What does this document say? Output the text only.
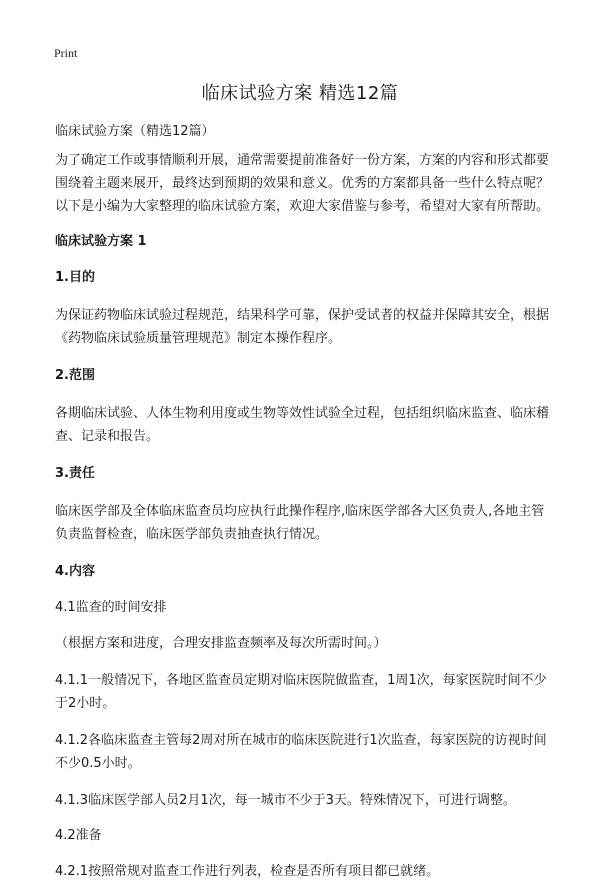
Print
临床试验方案 精选12篇

临床试验方案（精选12篇）

为了确定工作或事情顺利开展，通常需要提前准备好一份方案，方案的内容和形式都要围绕着主题来展开，最终达到预期的效果和意义。优秀的方案都具备一些什么特点呢？以下是小编为大家整理的临床试验方案，欢迎大家借鉴与参考，希望对大家有所帮助。

临床试验方案 1
1.目的

为保证药物临床试验过程规范，结果科学可靠，保护受试者的权益并保障其安全，根据《药物临床试验质量管理规范》制定本操作程序。

2.范围

各期临床试验、人体生物利用度或生物等效性试验全过程，包括组织临床监查、临床稽查、记录和报告。

3.责任

临床医学部及全体临床监查员均应执行此操作程序,临床医学部各大区负责人,各地主管负责监督检查，临床医学部负责抽查执行情况。

4.内容
4.1监查的时间安排

（根据方案和进度，合理安排监查频率及每次所需时间。）

4.1.1一般情况下，各地区监查员定期对临床医院做监查，1周1次，每家医院时间不少于2小时。

4.1.2各临床监查主管每2周对所在城市的临床医院进行1次监查，每家医院的访视时间不少0.5小时。

4.1.3临床医学部人员2月1次，每一城市不少于3天。特殊情况下，可进行调整。

4.2准备

4.2.1按照常规对监查工作进行列表，检查是否所有项目都已就绪。
